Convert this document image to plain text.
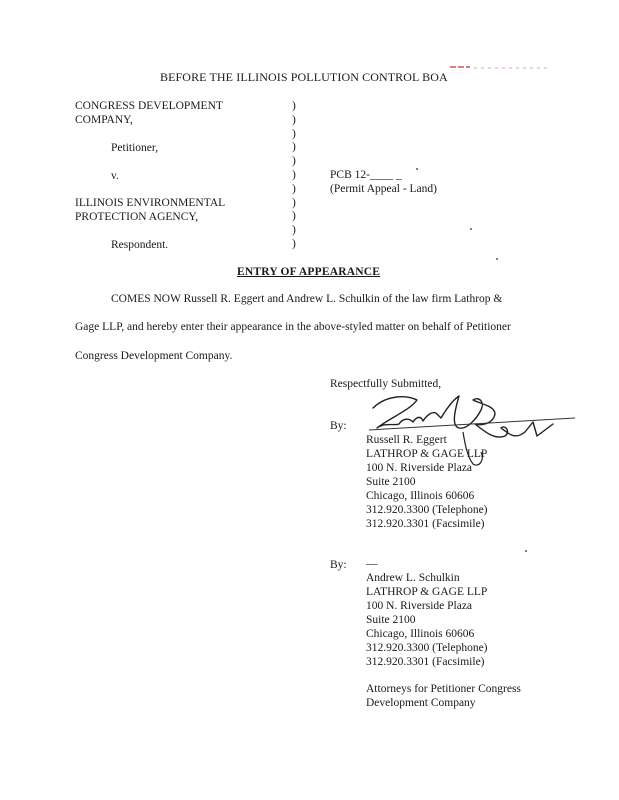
BEFORE THE ILLINOIS POLLUTION CONTROL BOA
CONGRESS DEVELOPMENT
COMPANY,
Petitioner,
v.
ILLINOIS ENVIRONMENTAL
PROTECTION AGENCY,
Respondent.
)
)
)
)
)
)
)
)
)
)
)
PCB 12-____ _
(Permit Appeal - Land)
ENTRY OF APPEARANCE
COMES NOW Russell R. Eggert and Andrew L. Schulkin of the law firm Lathrop &
Gage LLP, and hereby enter their appearance in the above-styled matter on behalf of Petitioner
Congress Development Company.
Respectfully Submitted,
By:
Russell R. Eggert
LATHROP & GAGE LLP
100 N. Riverside Plaza
Suite 2100
Chicago, Illinois 60606
312.920.3300 (Telephone)
312.920.3301 (Facsimile)
By: __
Andrew L. Schulkin
LATHROP & GAGE LLP
100 N. Riverside Plaza
Suite 2100
Chicago, Illinois 60606
312.920.3300 (Telephone)
312.920.3301 (Facsimile)
Attorneys for Petitioner Congress
Development Company
